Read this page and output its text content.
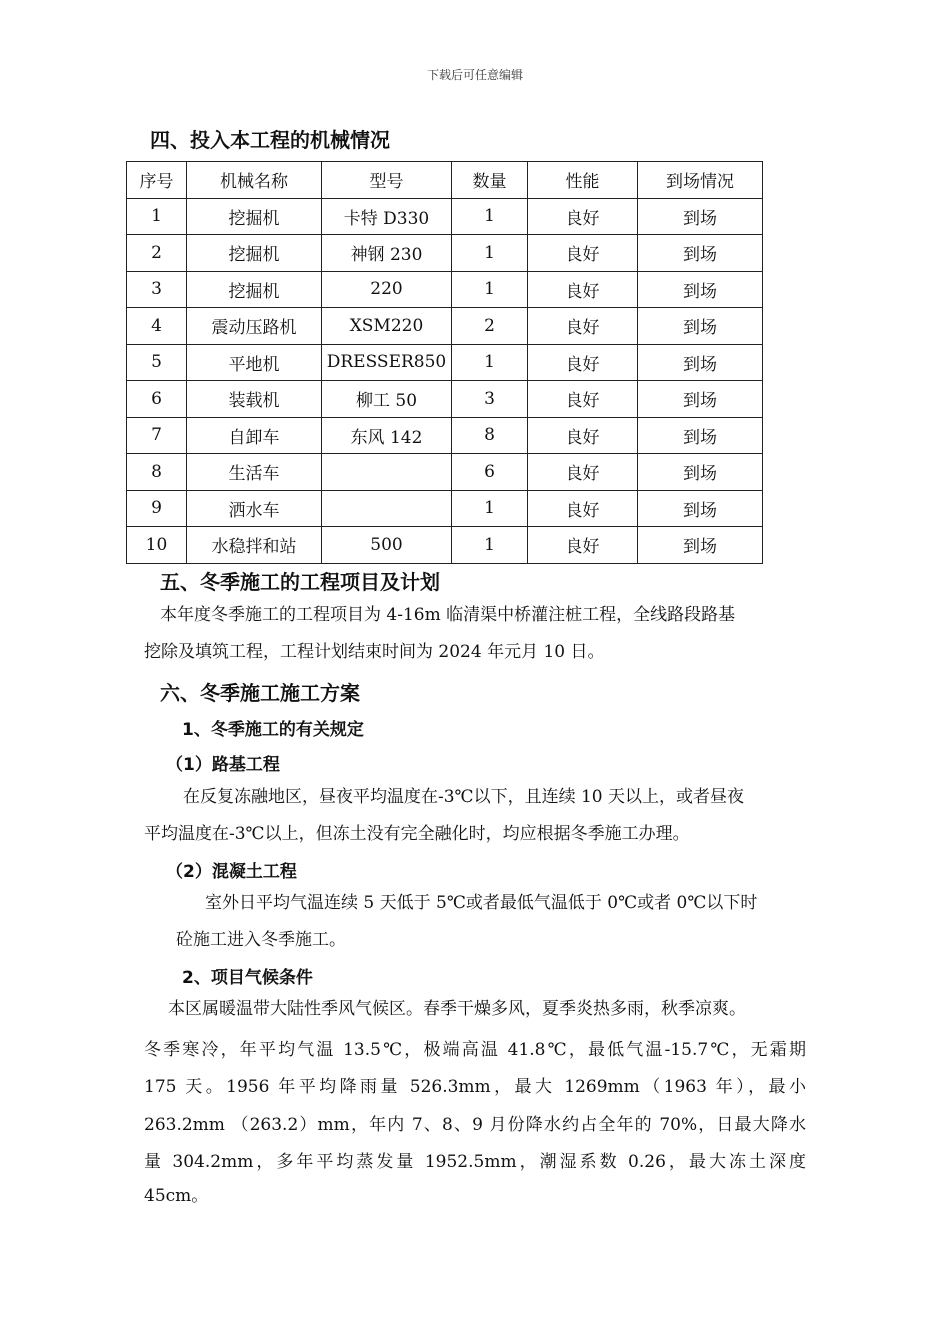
下载后可任意编辑
四、投入本工程的机械情况
序号	机械名称	型号	数量	性能	到场情况
1	挖掘机	卡特 D330	1	良好	到场
2	挖掘机	神钢 230	1	良好	到场
3	挖掘机	220	1	良好	到场
4	震动压路机	XSM220	2	良好	到场
5	平地机	DRESSER850	1	良好	到场
6	装载机	柳工 50	3	良好	到场
7	自卸车	东风 142	8	良好	到场
8	生活车		6	良好	到场
9	洒水车		1	良好	到场
10	水稳拌和站	500	1	良好	到场
五、冬季施工的工程项目及计划
本年度冬季施工的工程项目为 4-16m 临清渠中桥灌注桩工程，全线路段路基
挖除及填筑工程，工程计划结束时间为 2024 年元月 10 日。
六、冬季施工施工方案
1、冬季施工的有关规定
（1）路基工程
在反复冻融地区，昼夜平均温度在-3℃以下，且连续 10 天以上，或者昼夜
平均温度在-3℃以上，但冻土没有完全融化时，均应根据冬季施工办理。
（2）混凝土工程
室外日平均气温连续 5 天低于 5℃或者最低气温低于 0℃或者 0℃以下时
砼施工进入冬季施工。
2、项目气候条件
本区属暖温带大陆性季风气候区。春季干燥多风，夏季炎热多雨，秋季凉爽。
冬季寒冷，年平均气温 13.5℃，极端高温 41.8℃，最低气温-15.7℃，无霜期
175 天。1956 年平均降雨量 526.3mm，最大 1269mm（1963 年），最小
263.2mm （263.2）mm，年内 7、8、9 月份降水约占全年的 70%，日最大降水
量 304.2mm，多年平均蒸发量 1952.5mm，潮湿系数 0.26，最大冻土深度
45cm。
